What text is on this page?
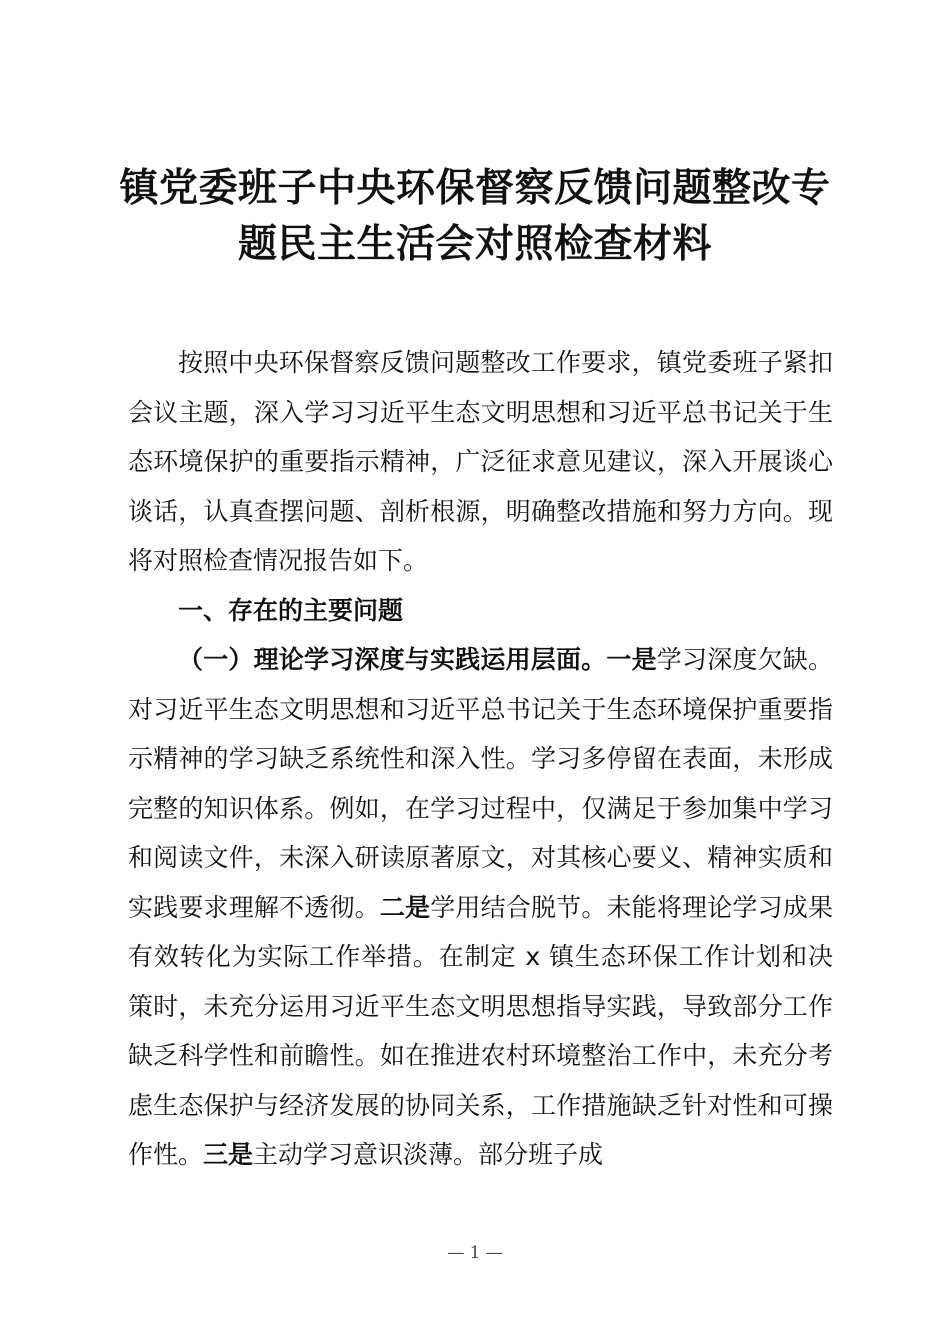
镇党委班子中央环保督察反馈问题整改专
题民主生活会对照检查材料

按照中央环保督察反馈问题整改工作要求，镇党委班子紧扣会议主题，深入学习习近平生态文明思想和习近平总书记关于生态环境保护的重要指示精神，广泛征求意见建议，深入开展谈心谈话，认真查摆问题、剖析根源，明确整改措施和努力方向。现将对照检查情况报告如下。

一、存在的主要问题

（一）理论学习深度与实践运用层面。一是学习深度欠缺。对习近平生态文明思想和习近平总书记关于生态环境保护重要指示精神的学习缺乏系统性和深入性。学习多停留在表面，未形成完整的知识体系。例如，在学习过程中，仅满足于参加集中学习和阅读文件，未深入研读原著原文，对其核心要义、精神实质和实践要求理解不透彻。二是学用结合脱节。未能将理论学习成果有效转化为实际工作举措。在制定 x 镇生态环保工作计划和决策时，未充分运用习近平生态文明思想指导实践，导致部分工作缺乏科学性和前瞻性。如在推进农村环境整治工作中，未充分考虑生态保护与经济发展的协同关系，工作措施缺乏针对性和可操作性。三是主动学习意识淡薄。部分班子成

— 1 —
